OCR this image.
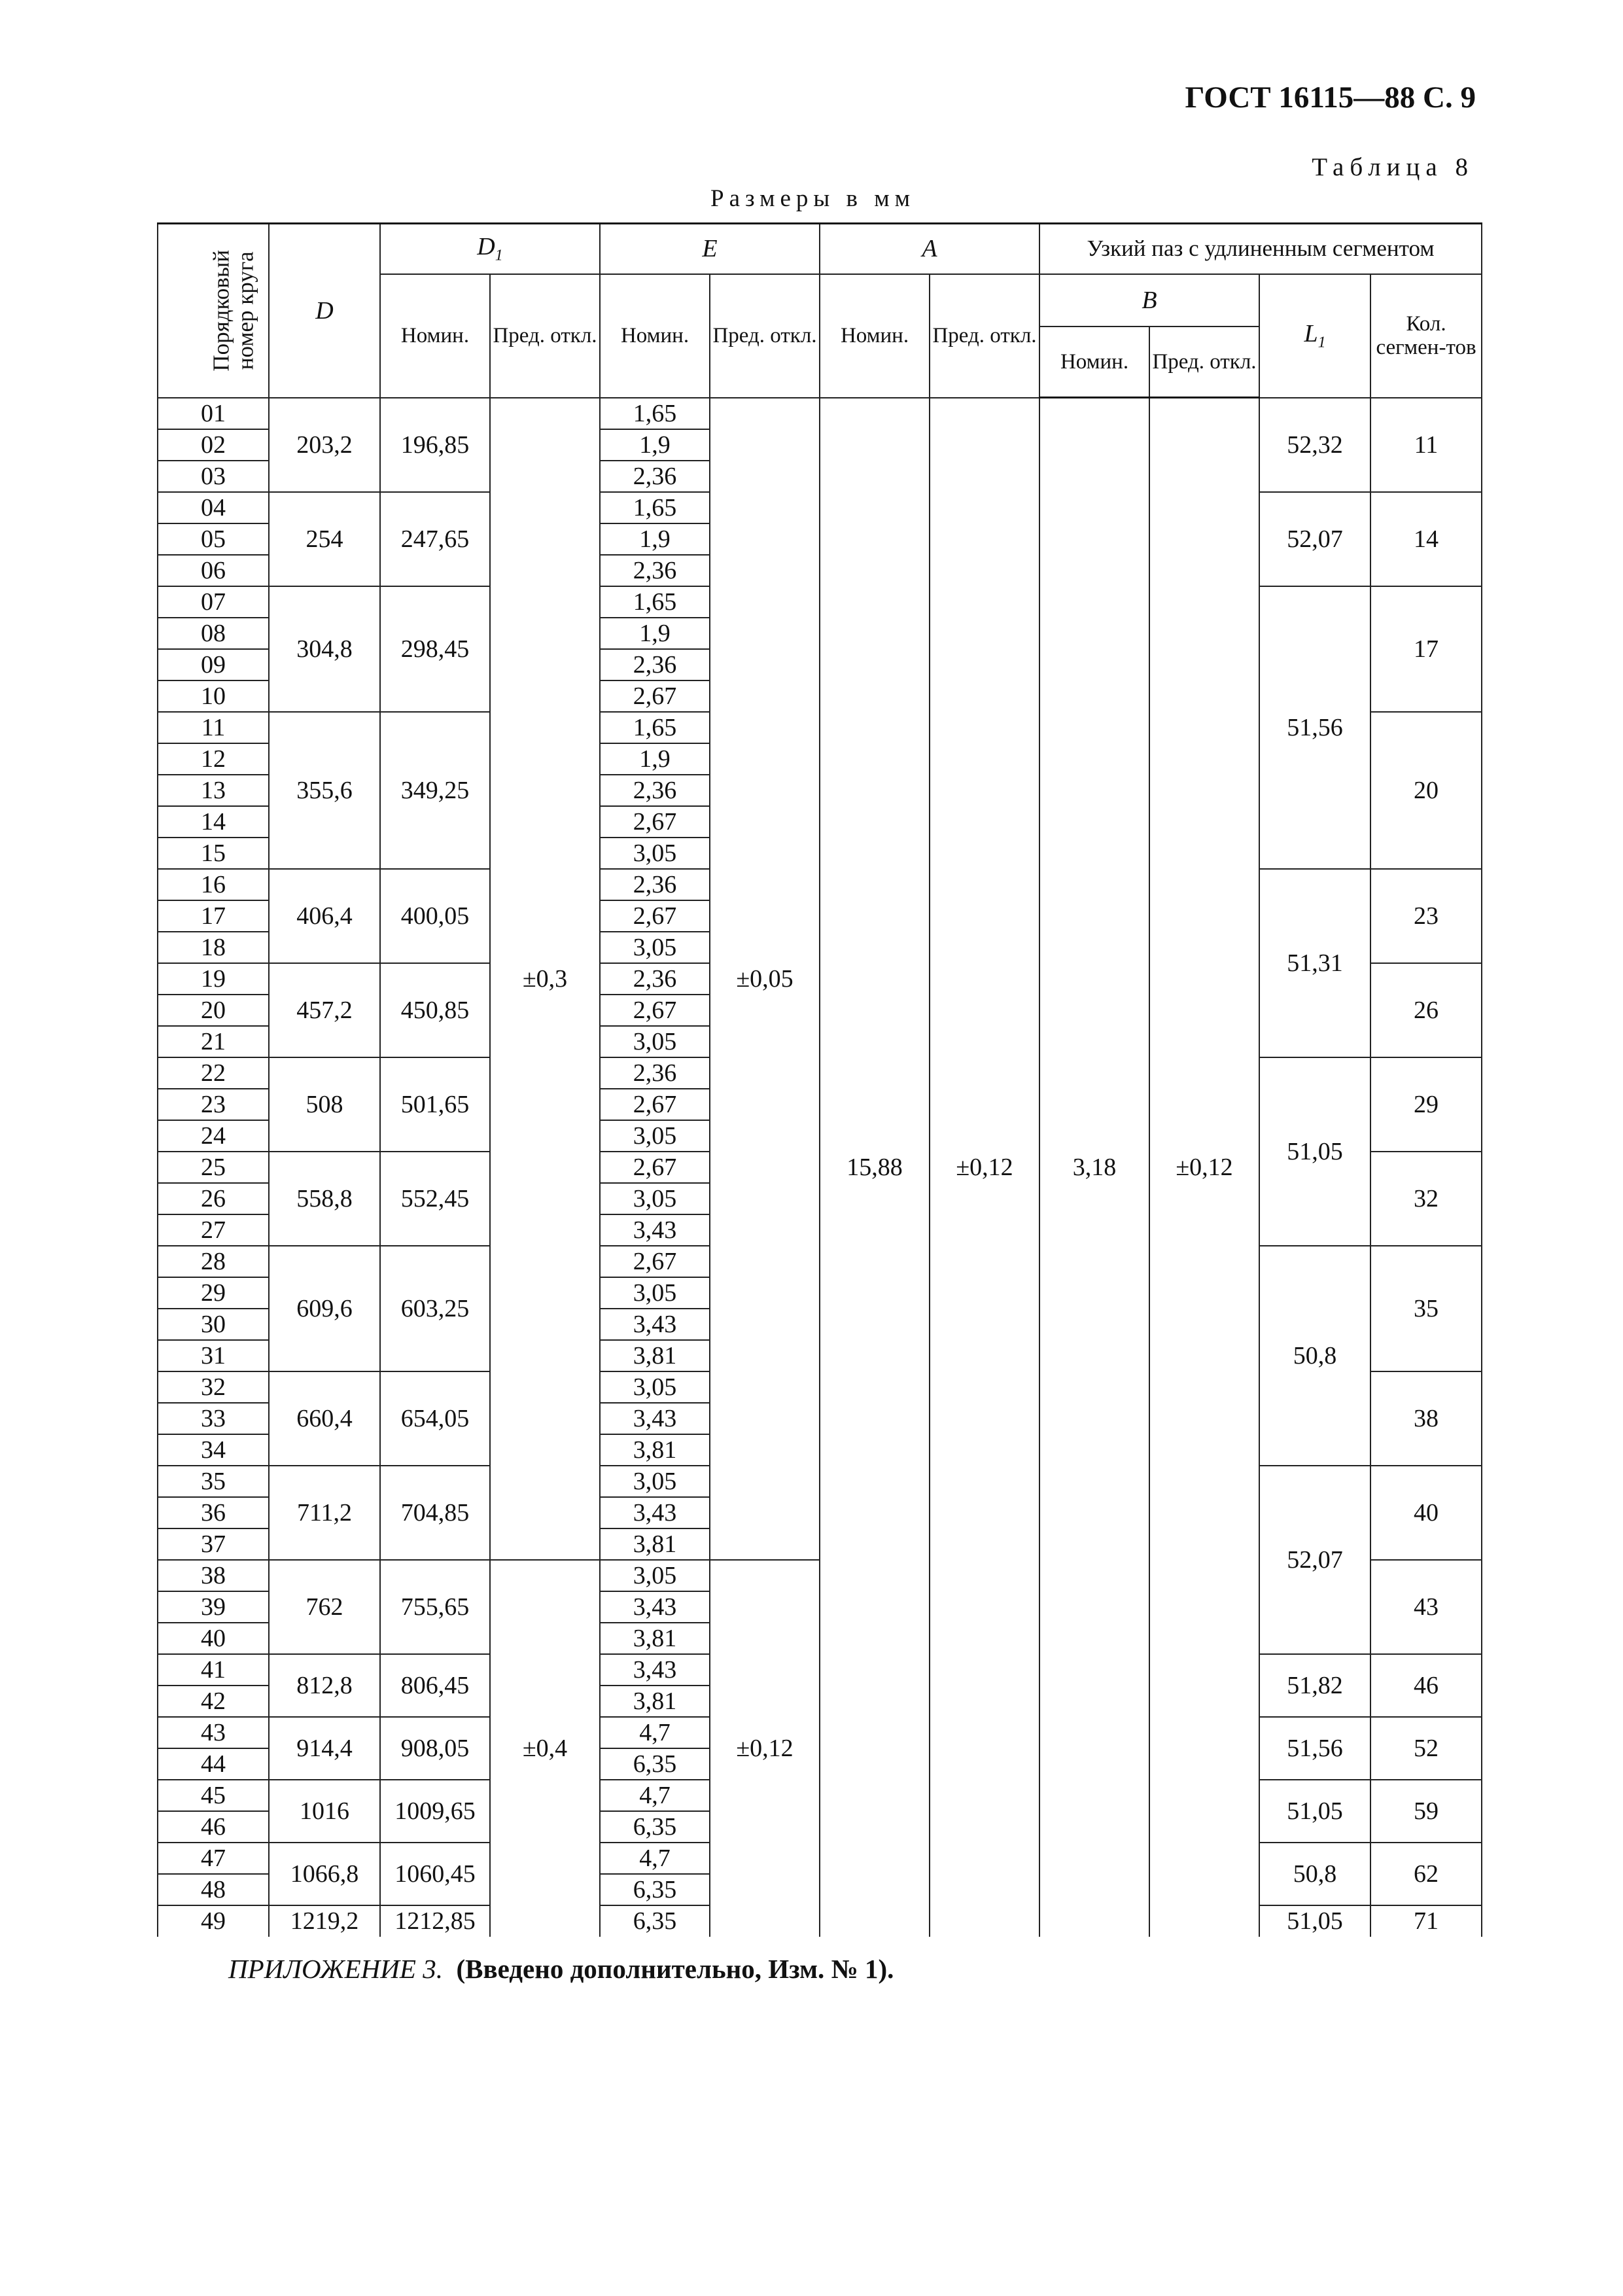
ГОСТ 16115—88 С. 9
Таблица 8
Размеры в мм
Порядковый номер круга	D	$D_1$		E		A		Узкий паз с удлиненным сегментом			
		Номин.	Пред. откл.	Номин.	Пред. откл.	Номин.	Пред. откл.	B		$L_1$	Кол. сегмен-тов
								Номин.	Пред. откл.		
01	203,2	196,85	±0,3	1,65	±0,05	15,88	±0,12	3,18	±0,12	52,32	11
02				1,9							
03				2,36							
04	254	247,65		1,65						52,07	14
05				1,9							
06				2,36							
07	304,8	298,45		1,65						51,56	17
08				1,9							
09				2,36							
10				2,67							
11	355,6	349,25		1,65							20
12				1,9							
13				2,36							
14				2,67							
15				3,05							
16	406,4	400,05		2,36						51,31	23
17				2,67							
18				3,05							
19	457,2	450,85		2,36							26
20				2,67							
21				3,05							
22	508	501,65		2,36						51,05	29
23				2,67							
24				3,05							
25	558,8	552,45		2,67							32
26				3,05							
27				3,43							
28	609,6	603,25		2,67						50,8	35
29				3,05							
30				3,43							
31				3,81							
32	660,4	654,05		3,05							38
33				3,43							
34				3,81							
35	711,2	704,85		3,05						52,07	40
36				3,43							
37				3,81							
38	762	755,65	±0,4	3,05	±0,12						43
39				3,43							
40				3,81							
41	812,8	806,45		3,43						51,82	46
42				3,81							
43	914,4	908,05		4,7						51,56	52
44				6,35							
45	1016	1009,65		4,7						51,05	59
46				6,35							
47	1066,8	1060,45		4,7						50,8	62
48				6,35							
49	1219,2	1212,85		6,35						51,05	71
ПРИЛОЖЕНИЕ 3. (Введено дополнительно, Изм. № 1).
